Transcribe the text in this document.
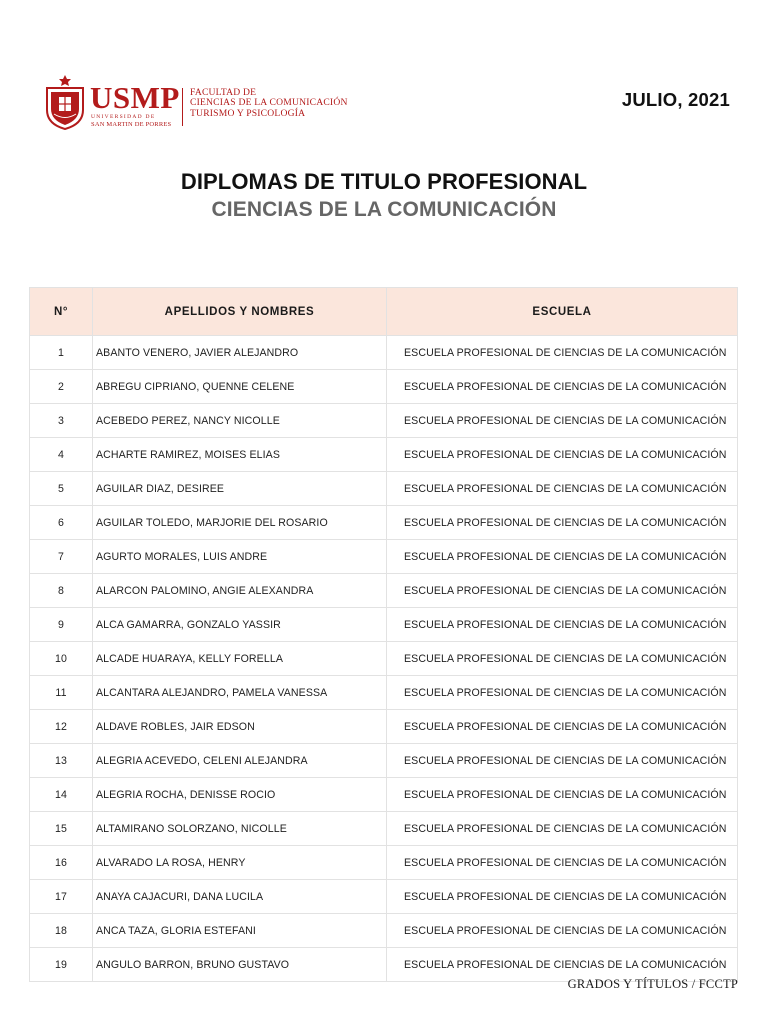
USMP
UNIVERSIDAD DE
SAN MARTIN DE PORRES
FACULTAD DE
CIENCIAS DE LA COMUNICACIÓN
TURISMO Y PSICOLOGÍA
JULIO, 2021
DIPLOMAS DE TITULO PROFESIONAL
CIENCIAS DE LA COMUNICACIÓN
N°	APELLIDOS Y NOMBRES	ESCUELA
1	ABANTO VENERO, JAVIER ALEJANDRO	ESCUELA PROFESIONAL DE CIENCIAS DE LA COMUNICACIÓN
2	ABREGU CIPRIANO, QUENNE CELENE	ESCUELA PROFESIONAL DE CIENCIAS DE LA COMUNICACIÓN
3	ACEBEDO PEREZ, NANCY NICOLLE	ESCUELA PROFESIONAL DE CIENCIAS DE LA COMUNICACIÓN
4	ACHARTE RAMIREZ, MOISES ELIAS	ESCUELA PROFESIONAL DE CIENCIAS DE LA COMUNICACIÓN
5	AGUILAR DIAZ, DESIREE	ESCUELA PROFESIONAL DE CIENCIAS DE LA COMUNICACIÓN
6	AGUILAR TOLEDO, MARJORIE DEL ROSARIO	ESCUELA PROFESIONAL DE CIENCIAS DE LA COMUNICACIÓN
7	AGURTO MORALES, LUIS ANDRE	ESCUELA PROFESIONAL DE CIENCIAS DE LA COMUNICACIÓN
8	ALARCON PALOMINO, ANGIE ALEXANDRA	ESCUELA PROFESIONAL DE CIENCIAS DE LA COMUNICACIÓN
9	ALCA GAMARRA, GONZALO YASSIR	ESCUELA PROFESIONAL DE CIENCIAS DE LA COMUNICACIÓN
10	ALCADE HUARAYA, KELLY FORELLA	ESCUELA PROFESIONAL DE CIENCIAS DE LA COMUNICACIÓN
11	ALCANTARA ALEJANDRO, PAMELA VANESSA	ESCUELA PROFESIONAL DE CIENCIAS DE LA COMUNICACIÓN
12	ALDAVE ROBLES, JAIR EDSON	ESCUELA PROFESIONAL DE CIENCIAS DE LA COMUNICACIÓN
13	ALEGRIA ACEVEDO, CELENI ALEJANDRA	ESCUELA PROFESIONAL DE CIENCIAS DE LA COMUNICACIÓN
14	ALEGRIA ROCHA, DENISSE ROCIO	ESCUELA PROFESIONAL DE CIENCIAS DE LA COMUNICACIÓN
15	ALTAMIRANO SOLORZANO, NICOLLE	ESCUELA PROFESIONAL DE CIENCIAS DE LA COMUNICACIÓN
16	ALVARADO LA ROSA, HENRY	ESCUELA PROFESIONAL DE CIENCIAS DE LA COMUNICACIÓN
17	ANAYA CAJACURI, DANA LUCILA	ESCUELA PROFESIONAL DE CIENCIAS DE LA COMUNICACIÓN
18	ANCA TAZA, GLORIA ESTEFANI	ESCUELA PROFESIONAL DE CIENCIAS DE LA COMUNICACIÓN
19	ANGULO BARRON, BRUNO GUSTAVO	ESCUELA PROFESIONAL DE CIENCIAS DE LA COMUNICACIÓN
GRADOS Y TÍTULOS / FCCTP
